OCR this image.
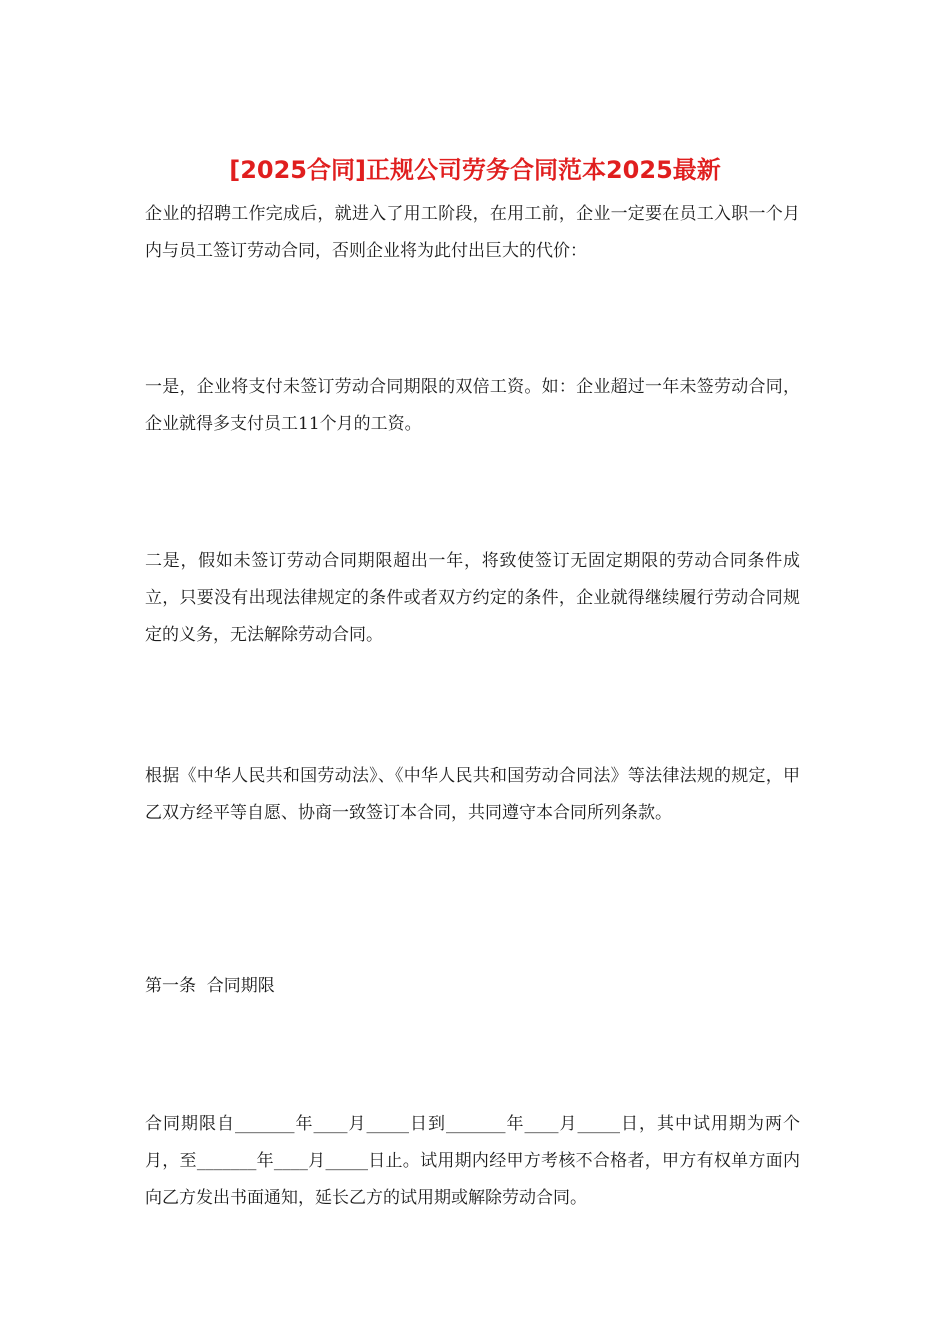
[2025合同]正规公司劳务合同范本2025最新

企业的招聘工作完成后，就进入了用工阶段，在用工前，企业一定要在员工入职一个月内与员工签订劳动合同，否则企业将为此付出巨大的代价：

一是，企业将支付未签订劳动合同期限的双倍工资。如：企业超过一年未签劳动合同，企业就得多支付员工11个月的工资。

二是，假如未签订劳动合同期限超出一年，将致使签订无固定期限的劳动合同条件成立，只要没有出现法律规定的条件或者双方约定的条件，企业就得继续履行劳动合同规定的义务，无法解除劳动合同。

根据《中华人民共和国劳动法》、《中华人民共和国劳动合同法》等法律法规的规定，甲乙双方经平等自愿、协商一致签订本合同，共同遵守本合同所列条款。

第一条  合同期限

合同期限自_______年____月_____日到_______年____月_____日，其中试用期为两个月，至_______年____月_____日止。试用期内经甲方考核不合格者，甲方有权单方面内向乙方发出书面通知，延长乙方的试用期或解除劳动合同。
